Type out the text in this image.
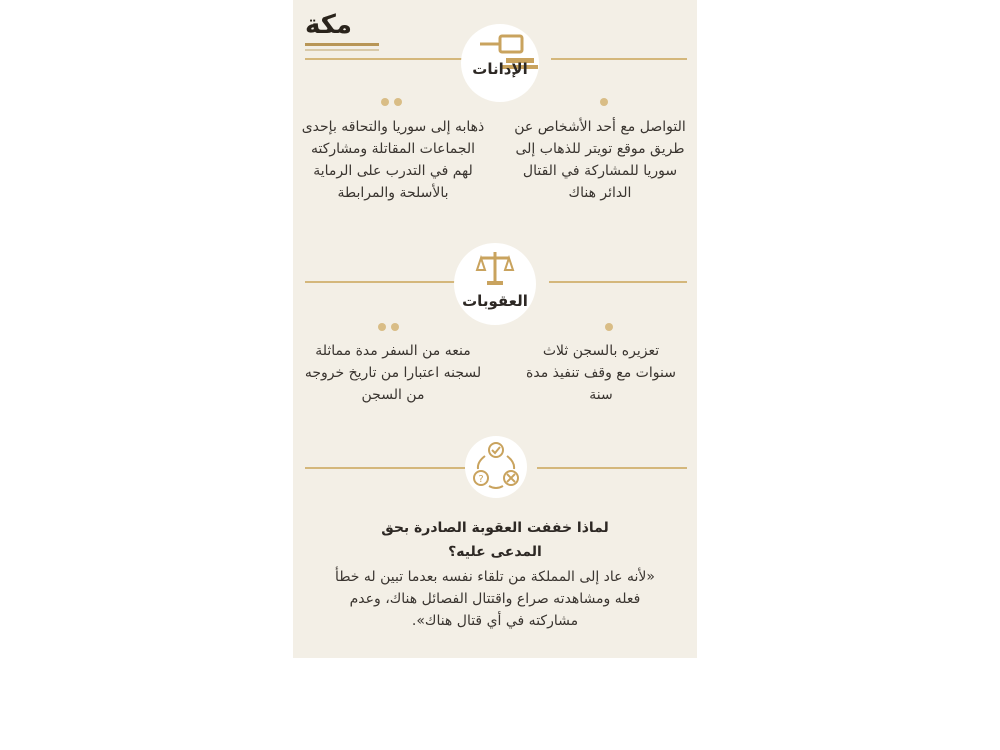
مكة
الإدانات
التواصل مع أحد الأشخاص عن طريق موقع تويتر للذهاب إلى سوريا للمشاركة في القتال الدائر هناك
ذهابه إلى سوريا والتحاقه بإحدى الجماعات المقاتلة ومشاركته لهم في التدرب على الرماية بالأسلحة والمرابطة
العقوبات
تعزيره بالسجن ثلاث سنوات مع وقف تنفيذ مدة سنة
منعه من السفر مدة مماثلة لسجنه اعتبارا من تاريخ خروجه من السجن
?
لماذا خففت العقوبة الصادرة بحق المدعى عليه؟
«لأنه عاد إلى المملكة من تلقاء نفسه بعدما تبين له خطأ فعله ومشاهدته صراع واقتتال الفصائل هناك، وعدم مشاركته في أي قتال هناك».
